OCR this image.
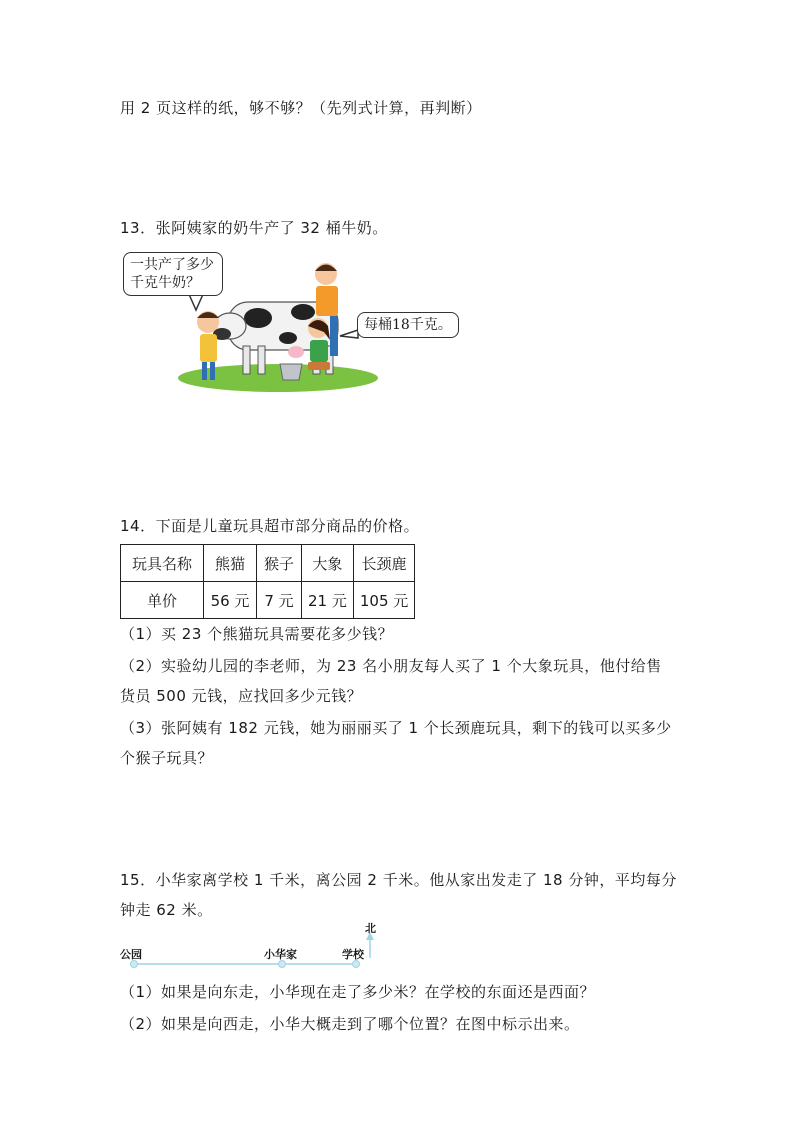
用 2 页这样的纸，够不够？（先列式计算，再判断）
13．张阿姨家的奶牛产了 32 桶牛奶。
一共产了多少
千克牛奶？
每桶18千克。
14．下面是儿童玩具超市部分商品的价格。
玩具名称	熊猫	猴子	大象	长颈鹿
单价	56 元	7 元	21 元	105 元
（1）买 23 个熊猫玩具需要花多少钱？
（2）实验幼儿园的李老师，为 23 名小朋友每人买了 1 个大象玩具，他付给售
货员 500 元钱，应找回多少元钱？
（3）张阿姨有 182 元钱，她为丽丽买了 1 个长颈鹿玩具，剩下的钱可以买多少
个猴子玩具？
15．小华家离学校 1 千米，离公园 2 千米。他从家出发走了 18 分钟，平均每分
钟走 62 米。
公园	小华家	学校
北
（1）如果是向东走，小华现在走了多少米？在学校的东面还是西面？
（2）如果是向西走，小华大概走到了哪个位置？在图中标示出来。
